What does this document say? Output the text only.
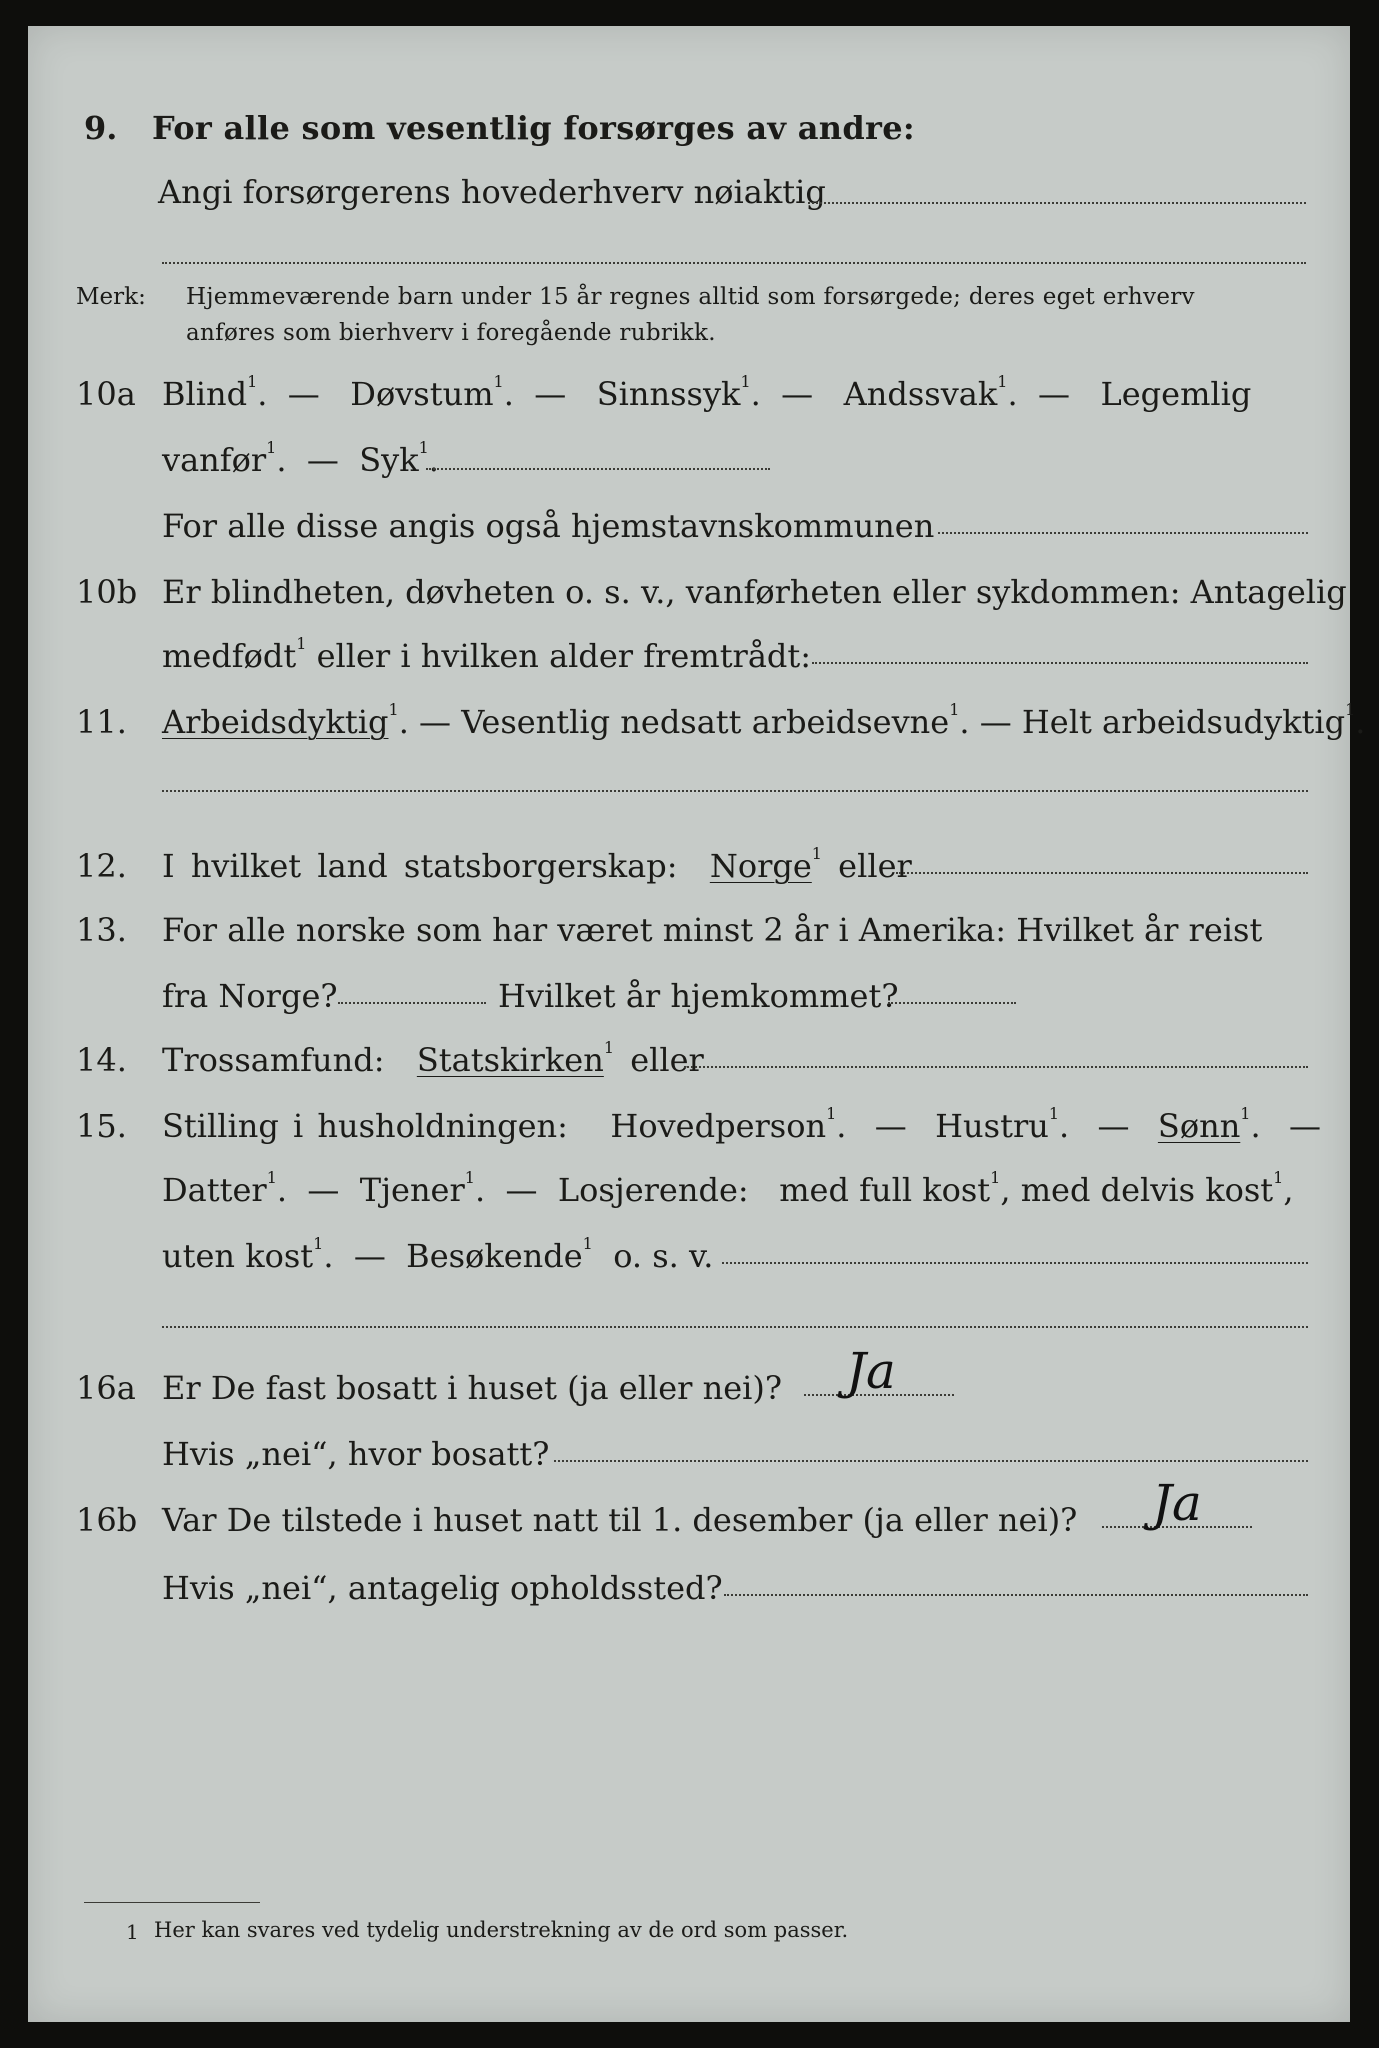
9. For alle som vesentlig forsørges av andre:
Angi forsørgerens hovederhverv nøiaktig
Merk: Hjemmeværende barn under 15 år regnes alltid som forsørgede; deres eget erhverv
anføres som bierhverv i foregående rubrikk.
10a Blind$^1$. — Døvstum$^1$. — Sinnssyk$^1$. — Andssvak$^1$. — Legemlig
vanfør$^1$. — Syk$^1$.
For alle disse angis også hjemstavnskommunen
10b Er blindheten, døvheten o. s. v., vanførheten eller sykdommen: Antagelig
medfødt$^1$ eller i hvilken alder fremtrådt:
11. Arbeidsdyktig$^1$. — Vesentlig nedsatt arbeidsevne$^1$. — Helt arbeidsudyktig$^1$.
12. I hvilket land statsborgerskap: Norge$^1$ eller
13. For alle norske som har været minst 2 år i Amerika: Hvilket år reist
fra Norge?	Hvilket år hjemkommet?
14. Trossamfund: Statskirken$^1$ eller
15. Stilling i husholdningen: Hovedperson$^1$. — Hustru$^1$. — Sønn$^1$. —
Datter$^1$. — Tjener$^1$. — Losjerende: med full kost$^1$, med delvis kost$^1$,
uten kost$^1$. — Besøkende$^1$ o. s. v.
16a Er De fast bosatt i huset (ja eller nei)? Ja
Hvis „nei“, hvor bosatt?
16b Var De tilstede i huset natt til 1. desember (ja eller nei)? Ja
Hvis „nei“, antagelig opholdssted?
1 Her kan svares ved tydelig understrekning av de ord som passer.
